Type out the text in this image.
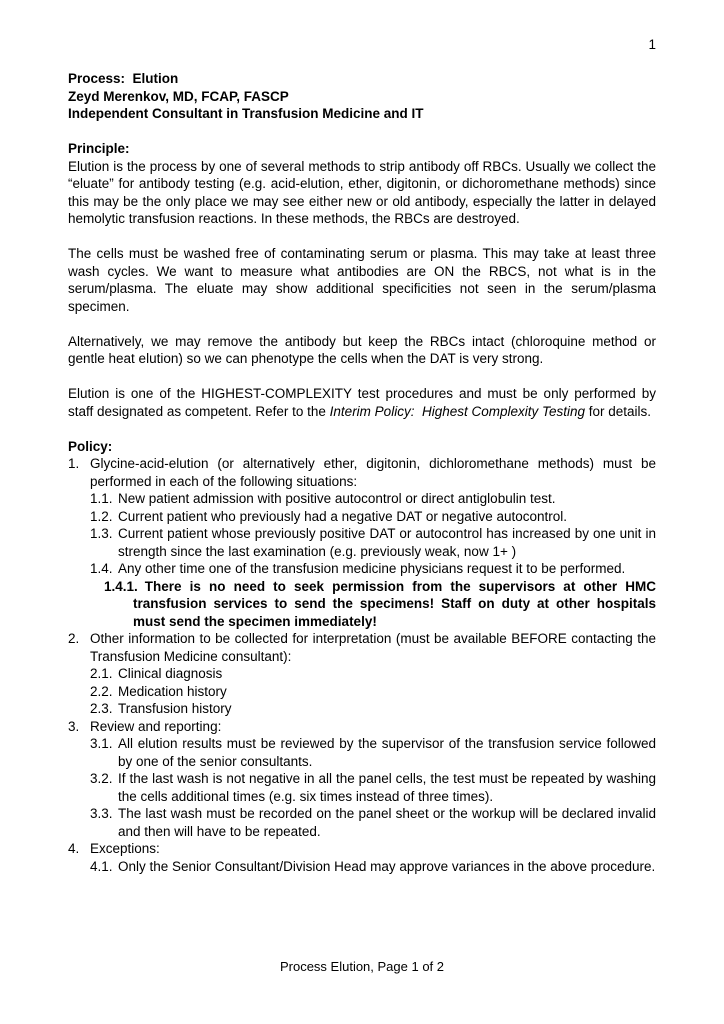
1
Process:  Elution
Zeyd Merenkov, MD, FCAP, FASCP
Independent Consultant in Transfusion Medicine and IT
Principle:

Elution is the process by one of several methods to strip antibody off RBCs. Usually we collect the “eluate” for antibody testing (e.g. acid-elution, ether, digitonin, or dichoromethane methods) since this may be the only place we may see either new or old antibody, especially the latter in delayed hemolytic transfusion reactions. In these methods, the RBCs are destroyed.

The cells must be washed free of contaminating serum or plasma. This may take at least three wash cycles. We want to measure what antibodies are ON the RBCS, not what is in the serum/plasma. The eluate may show additional specificities not seen in the serum/plasma specimen.

Alternatively, we may remove the antibody but keep the RBCs intact (chloroquine method or gentle heat elution) so we can phenotype the cells when the DAT is very strong.

Elution is one of the HIGHEST-COMPLEXITY test procedures and must be only performed by staff designated as competent. Refer to the Interim Policy:  Highest Complexity Testing for details.

Policy:
1. Glycine-acid-elution (or alternatively ether, digitonin, dichloromethane methods) must be performed in each of the following situations:
1.1. New patient admission with positive autocontrol or direct antiglobulin test.
1.2. Current patient who previously had a negative DAT or negative autocontrol.
1.3. Current patient whose previously positive DAT or autocontrol has increased by one unit in strength since the last examination (e.g. previously weak, now 1+ )
1.4. Any other time one of the transfusion medicine physicians request it to be performed.
1.4.1. There is no need to seek permission from the supervisors at other HMC transfusion services to send the specimens! Staff on duty at other hospitals must send the specimen immediately!
2. Other information to be collected for interpretation (must be available BEFORE contacting the Transfusion Medicine consultant):
2.1. Clinical diagnosis
2.2. Medication history
2.3. Transfusion history
3. Review and reporting:
3.1. All elution results must be reviewed by the supervisor of the transfusion service followed by one of the senior consultants.
3.2. If the last wash is not negative in all the panel cells, the test must be repeated by washing the cells additional times (e.g. six times instead of three times).
3.3. The last wash must be recorded on the panel sheet or the workup will be declared invalid and then will have to be repeated.
4. Exceptions:
4.1. Only the Senior Consultant/Division Head may approve variances in the above procedure.
Process Elution, Page 1 of 2
